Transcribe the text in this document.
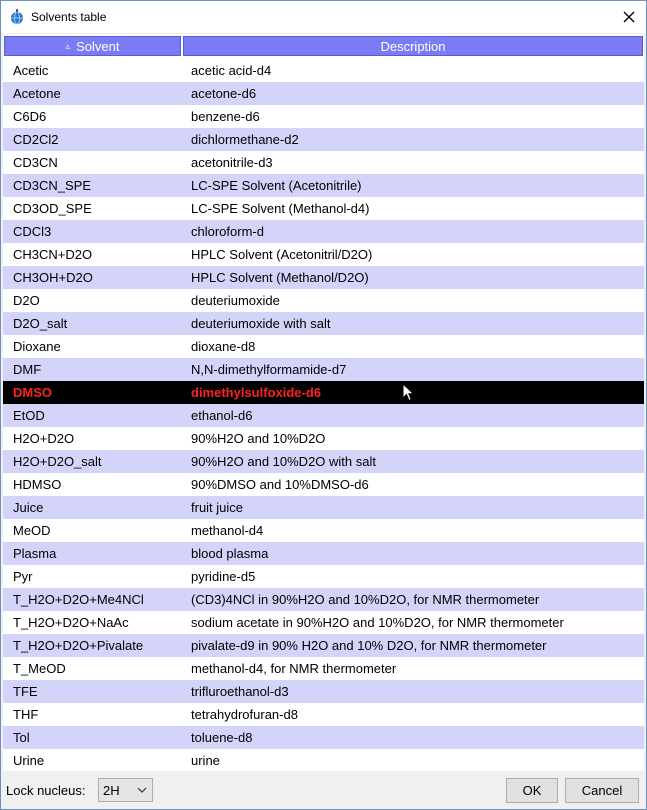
Solvents table
▵ Solvent	Description
Acetic	acetic acid-d4
Acetone	acetone-d6
C6D6	benzene-d6
CD2Cl2	dichlormethane-d2
CD3CN	acetonitrile-d3
CD3CN_SPE	LC-SPE Solvent (Acetonitrile)
CD3OD_SPE	LC-SPE Solvent (Methanol-d4)
CDCl3	chloroform-d
CH3CN+D2O	HPLC Solvent (Acetonitril/D2O)
CH3OH+D2O	HPLC Solvent (Methanol/D2O)
D2O	deuteriumoxide
D2O_salt	deuteriumoxide with salt
Dioxane	dioxane-d8
DMF	N,N-dimethylformamide-d7
DMSO	dimethylsulfoxide-d6
EtOD	ethanol-d6
H2O+D2O	90%H2O and 10%D2O
H2O+D2O_salt	90%H2O and 10%D2O with salt
HDMSO	90%DMSO and 10%DMSO-d6
Juice	fruit juice
MeOD	methanol-d4
Plasma	blood plasma
Pyr	pyridine-d5
T_H2O+D2O+Me4NCl	(CD3)4NCl in 90%H2O and 10%D2O, for NMR thermometer
T_H2O+D2O+NaAc	sodium acetate in 90%H2O and 10%D2O, for NMR thermometer
T_H2O+D2O+Pivalate	pivalate-d9 in 90% H2O and 10% D2O, for NMR thermometer
T_MeOD	methanol-d4, for NMR thermometer
TFE	trifluroethanol-d3
THF	tetrahydrofuran-d8
Tol	toluene-d8
Urine	urine
Lock nucleus: 2H	OK	Cancel
